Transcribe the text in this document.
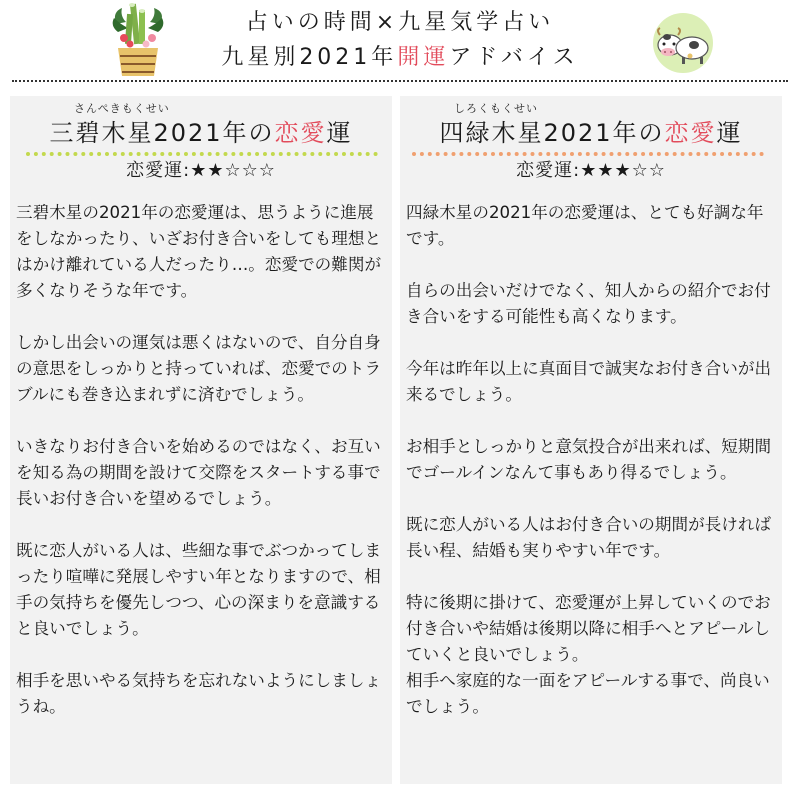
占いの時間×九星気学占い
九星別2021年開運アドバイス
さんぺきもくせい
三碧木星2021年の恋愛運
恋愛運:★★☆☆☆

三碧木星の2021年の恋愛運は、思うように進展をしなかったり、いざお付き合いをしても理想とはかけ離れている人だったり…。恋愛での難関が多くなりそうな年です。

しかし出会いの運気は悪くはないので、自分自身の意思をしっかりと持っていれば、恋愛でのトラブルにも巻き込まれずに済むでしょう。

いきなりお付き合いを始めるのではなく、お互いを知る為の期間を設けて交際をスタートする事で長いお付き合いを望めるでしょう。

既に恋人がいる人は、些細な事でぶつかってしまったり喧嘩に発展しやすい年となりますので、相手の気持ちを優先しつつ、心の深まりを意識すると良いでしょう。

相手を思いやる気持ちを忘れないようにしましょうね。

しろくもくせい
四緑木星2021年の恋愛運
恋愛運:★★★☆☆

四緑木星の2021年の恋愛運は、とても好調な年です。

自らの出会いだけでなく、知人からの紹介でお付き合いをする可能性も高くなります。

今年は昨年以上に真面目で誠実なお付き合いが出来るでしょう。

お相手としっかりと意気投合が出来れば、短期間でゴールインなんて事もあり得るでしょう。

既に恋人がいる人はお付き合いの期間が長ければ長い程、結婚も実りやすい年です。

特に後期に掛けて、恋愛運が上昇していくのでお付き合いや結婚は後期以降に相手へとアピールしていくと良いでしょう。

相手へ家庭的な一面をアピールする事で、尚良いでしょう。
